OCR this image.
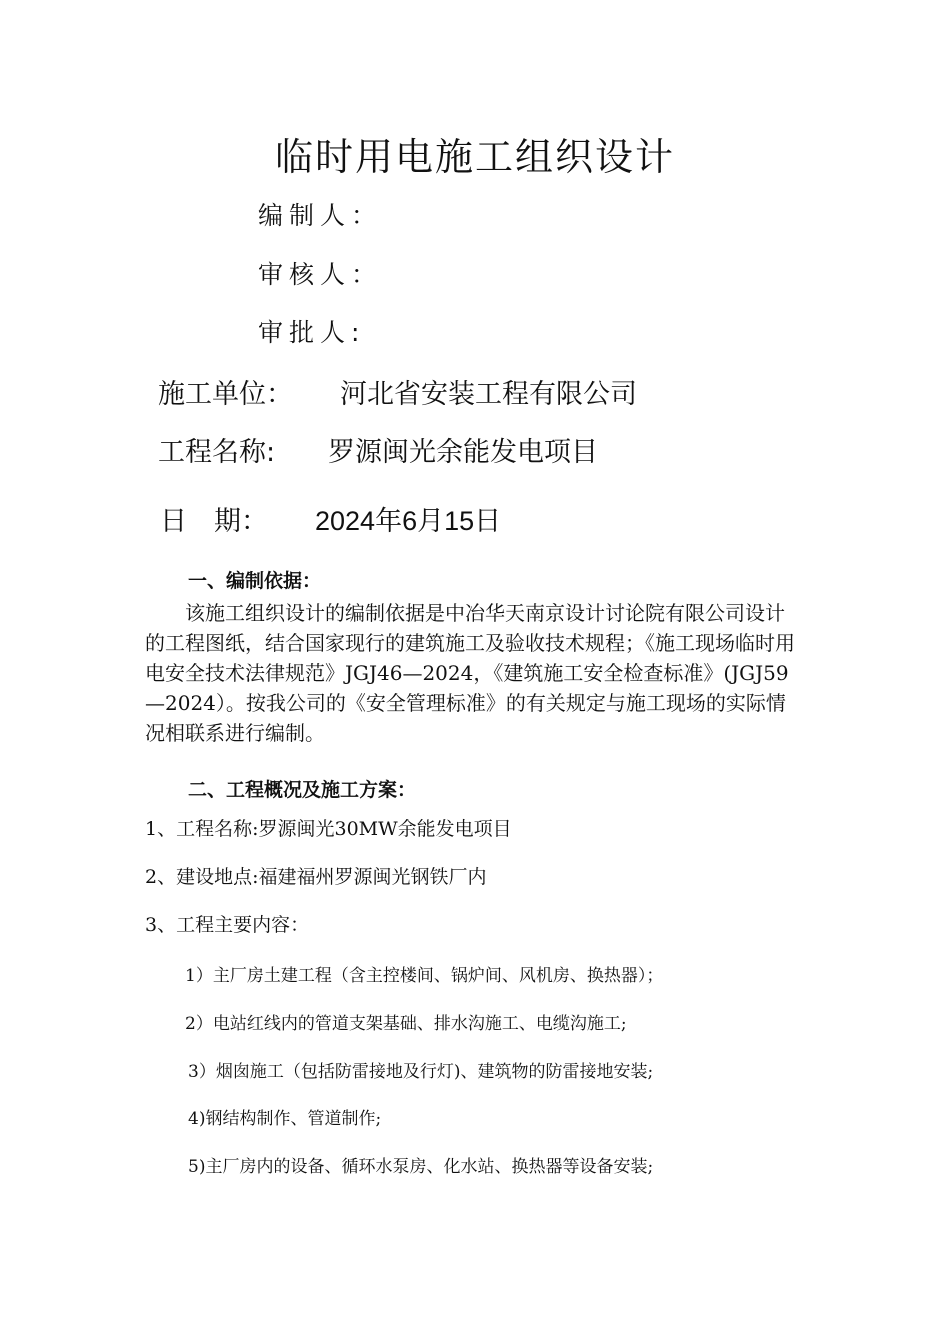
临时用电施工组织设计
编制人：
审核人：
审批人:
施工单位： 河北省安装工程有限公司
工程名称: 罗源闽光余能发电项目
日　期： 2024年6月15日
一、编制依据：
该施工组织设计的编制依据是中冶华天南京设计讨论院有限公司设计的工程图纸，结合国家现行的建筑施工及验收技术规程；《施工现场临时用电安全技术法律规范》JGJ46—2024，《建筑施工安全检查标准》(JGJ59—2024）。按我公司的《安全管理标准》的有关规定与施工现场的实际情况相联系进行编制。
二、工程概况及施工方案：
1、工程名称:罗源闽光30MW余能发电项目
2、建设地点:福建福州罗源闽光钢铁厂内
3、工程主要内容：
1）主厂房土建工程（含主控楼间、锅炉间、风机房、换热器）；
2）电站红线内的管道支架基础、排水沟施工、电缆沟施工;
3）烟囱施工（包括防雷接地及行灯)、建筑物的防雷接地安装;
4)钢结构制作、管道制作;
5)主厂房内的设备、循环水泵房、化水站、换热器等设备安装;
